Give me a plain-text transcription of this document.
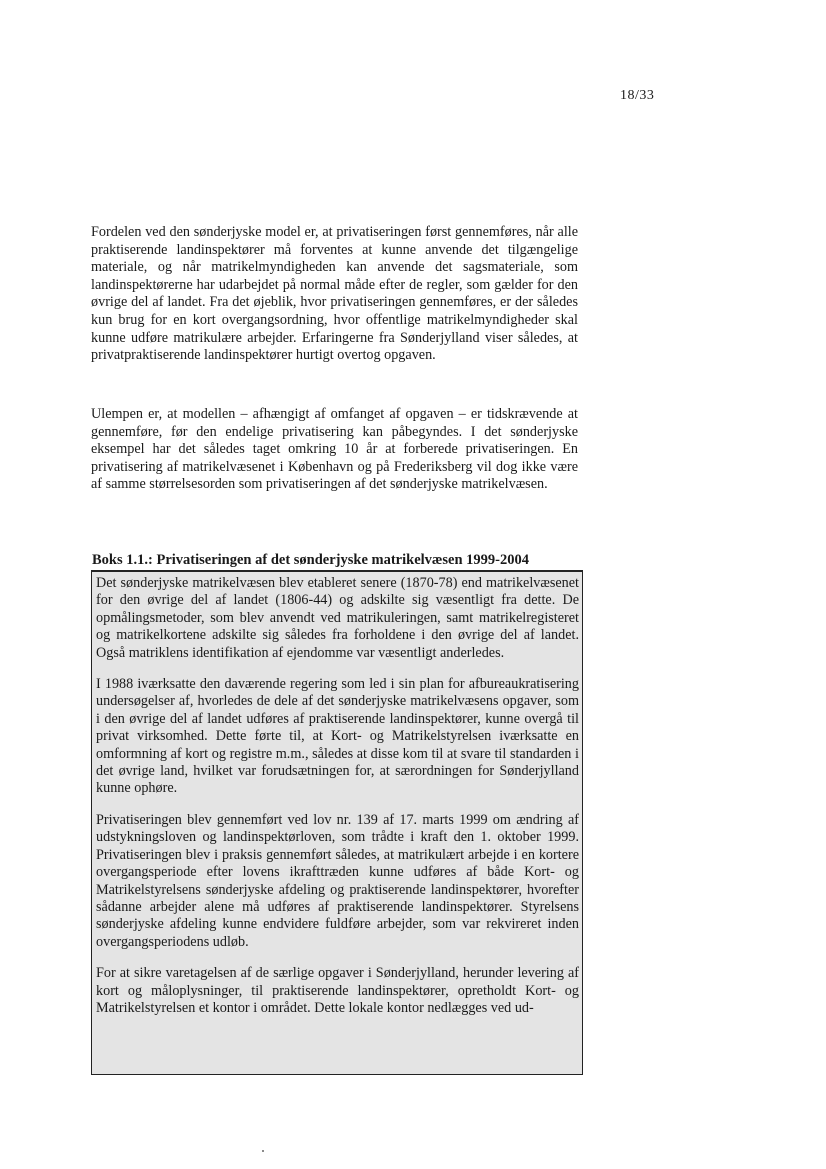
18/33

Fordelen ved den sønderjyske model er, at privatiseringen først gennemføres, når alle praktiserende landinspektører må forventes at kunne anvende det tilgængelige materiale, og når matrikelmyndigheden kan anvende det sagsmateriale, som landinspektørerne har udarbejdet på normal måde efter de regler, som gælder for den øvrige del af landet. Fra det øjeblik, hvor privatiseringen gennemføres, er der således kun brug for en kort overgangsordning, hvor offentlige matrikelmyndigheder skal kunne udføre matrikulære arbejder. Erfaringerne fra Sønderjylland viser således, at privatpraktiserende landinspektører hurtigt overtog opgaven.

Ulempen er, at modellen – afhængigt af omfanget af opgaven – er tidskrævende at gennemføre, før den endelige privatisering kan påbegyndes. I det sønderjyske eksempel har det således taget omkring 10 år at forberede privatiseringen. En privatisering af matrikelvæsenet i København og på Frederiksberg vil dog ikke være af samme størrelsesorden som privatiseringen af det sønderjyske matrikelvæsen.

Boks 1.1.: Privatiseringen af det sønderjyske matrikelvæsen 1999-2004

Det sønderjyske matrikelvæsen blev etableret senere (1870-78) end matrikelvæsenet for den øvrige del af landet (1806-44) og adskilte sig væsentligt fra dette. De opmålingsmetoder, som blev anvendt ved matrikuleringen, samt matrikelregisteret og matrikelkortene adskilte sig således fra forholdene i den øvrige del af landet. Også matriklens identifikation af ejendomme var væsentligt anderledes.

I 1988 iværksatte den daværende regering som led i sin plan for afbureaukratisering undersøgelser af, hvorledes de dele af det sønderjyske matrikelvæsens opgaver, som i den øvrige del af landet udføres af praktiserende landinspektører, kunne overgå til privat virksomhed. Dette førte til, at Kort- og Matrikelstyrelsen iværksatte en omformning af kort og registre m.m., således at disse kom til at svare til standarden i det øvrige land, hvilket var forudsætningen for, at særordningen for Sønderjylland kunne ophøre.

Privatiseringen blev gennemført ved lov nr. 139 af 17. marts 1999 om ændring af udstykningsloven og landinspektørloven, som trådte i kraft den 1. oktober 1999. Privatiseringen blev i praksis gennemført således, at matrikulært arbejde i en kortere overgangsperiode efter lovens ikrafttræden kunne udføres af både Kort- og Matrikelstyrelsens sønderjyske afdeling og praktiserende landinspektører, hvorefter sådanne arbejder alene må udføres af praktiserende landinspektører. Styrelsens sønderjyske afdeling kunne endvidere fuldføre arbejder, som var rekvireret inden overgangsperiodens udløb.

For at sikre varetagelsen af de særlige opgaver i Sønderjylland, herunder levering af kort og måloplysninger, til praktiserende landinspektører, opretholdt Kort- og Matrikelstyrelsen et kontor i området. Dette lokale kontor nedlægges ved ud-
